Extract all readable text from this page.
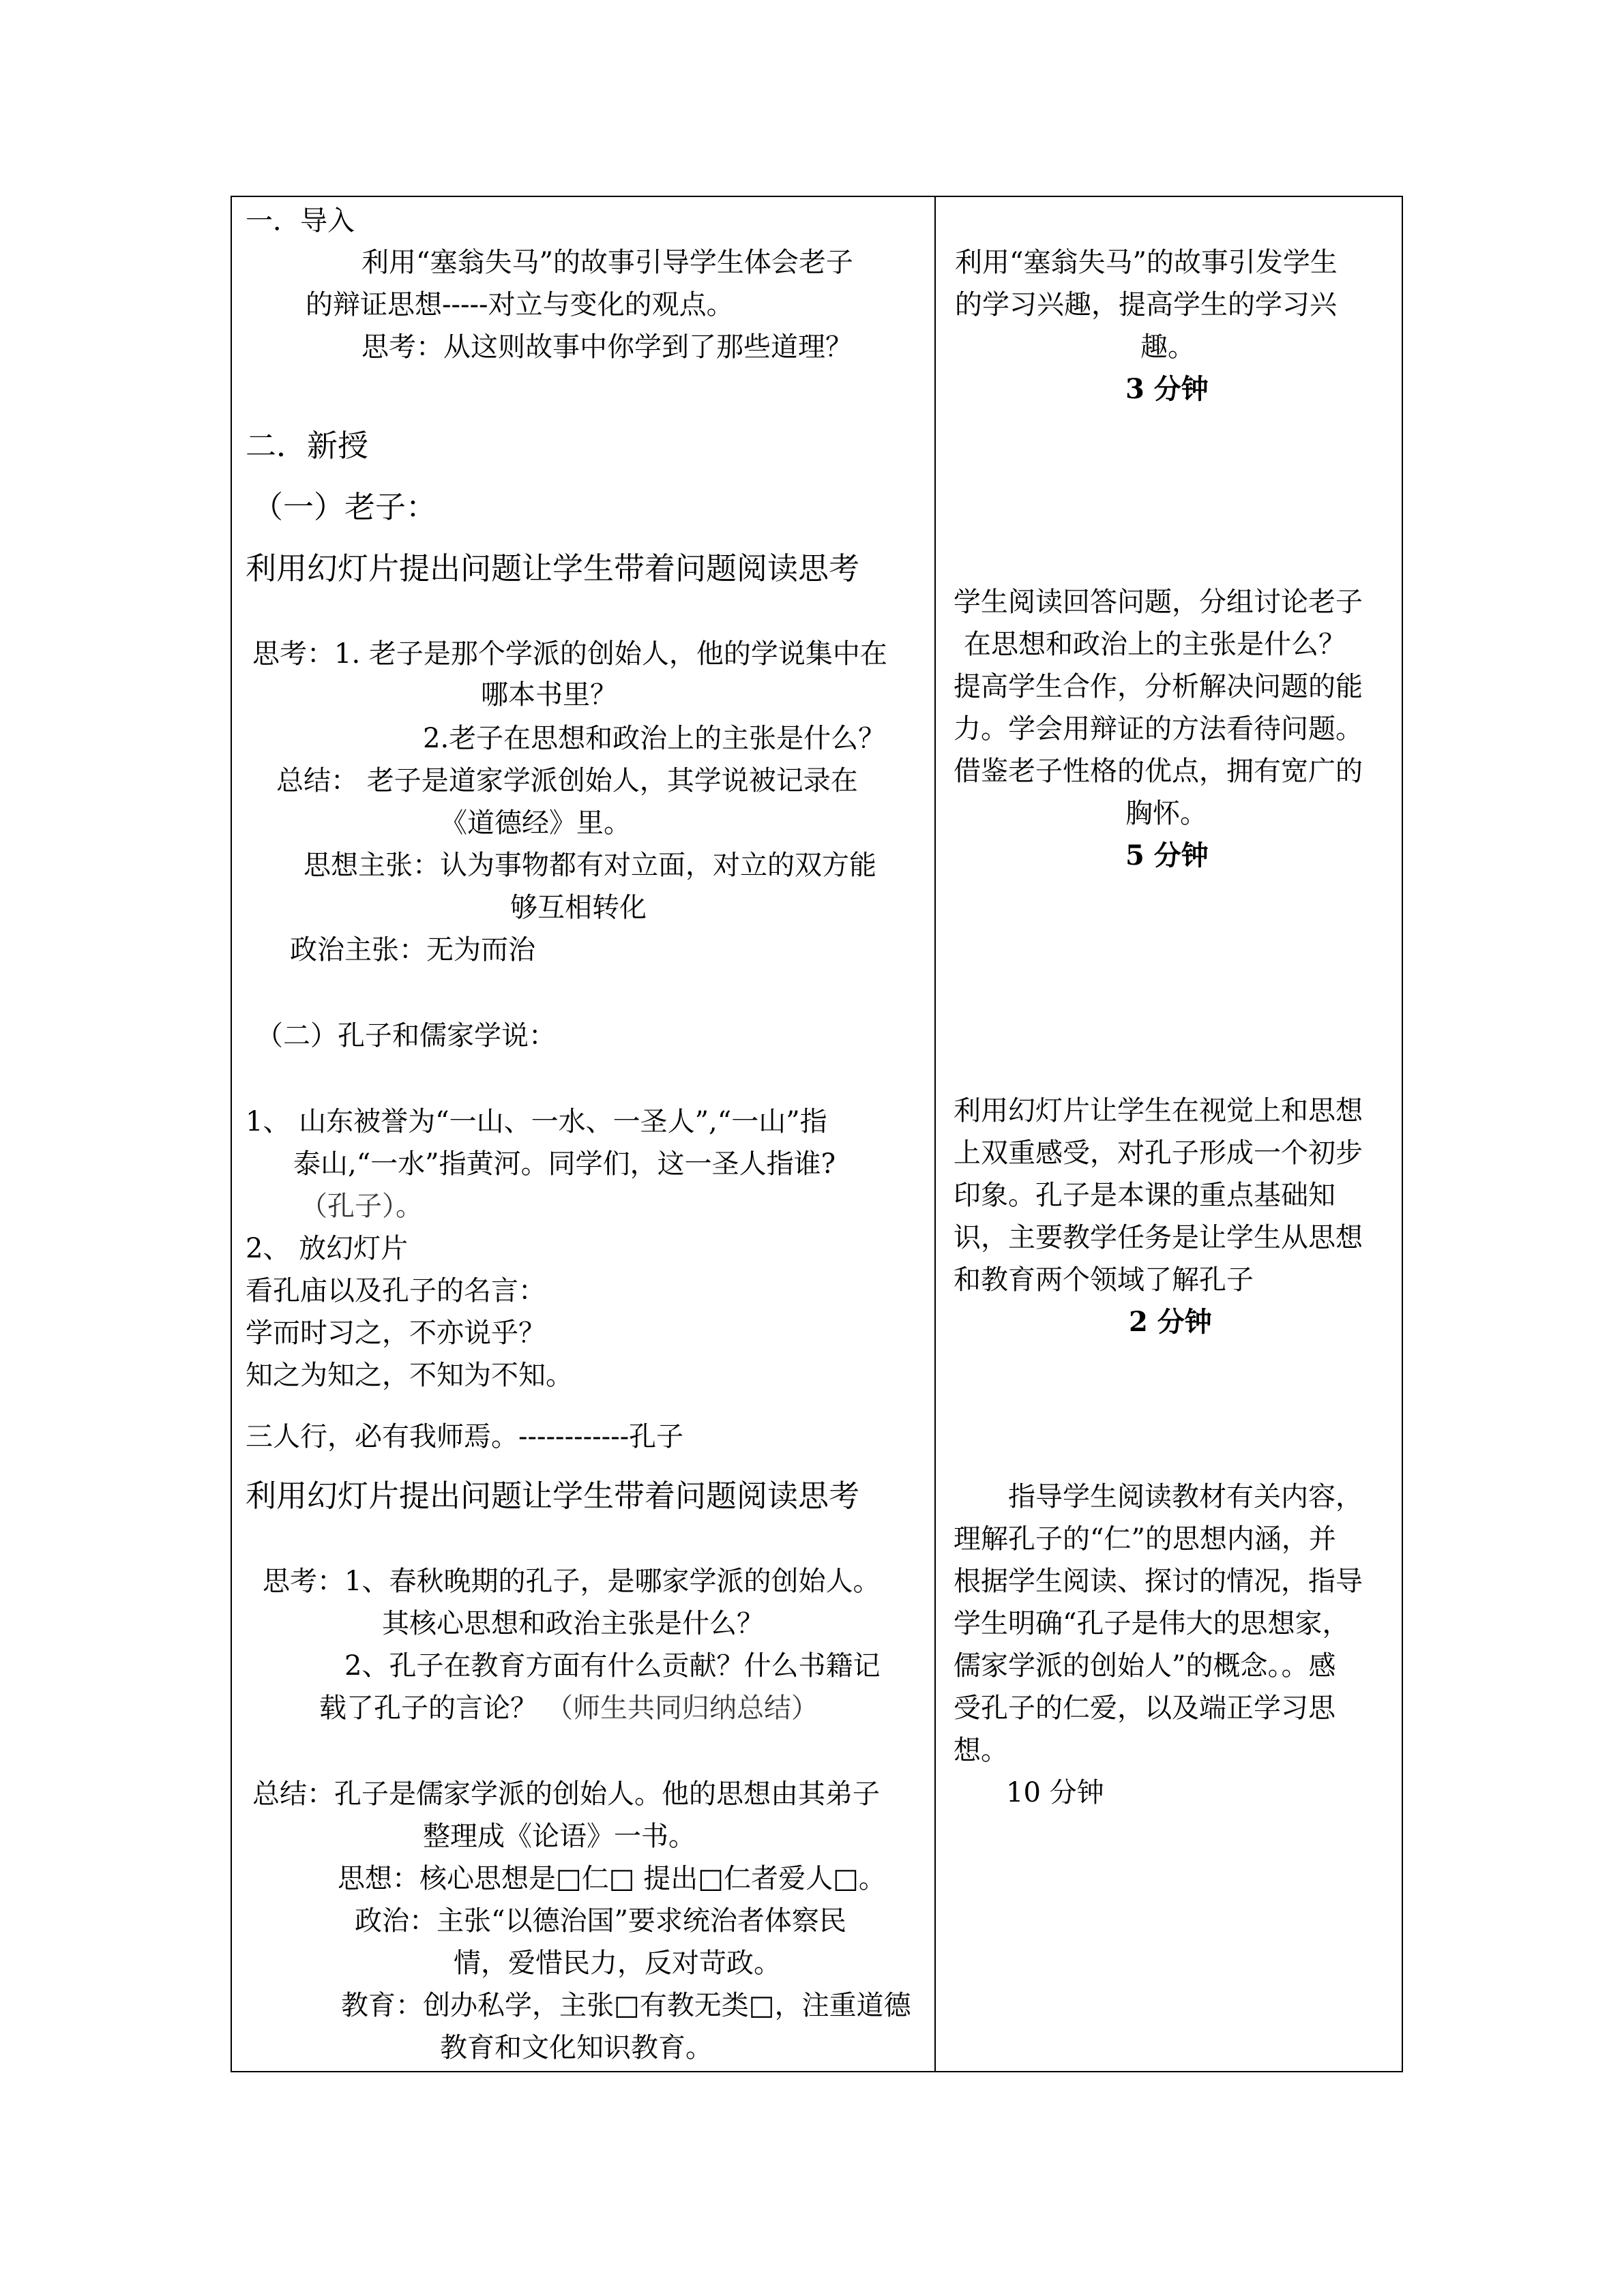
一．导入
利用“塞翁失马”的故事引导学生体会老子
的辩证思想-----对立与变化的观点。
思考：从这则故事中你学到了那些道理？
二．新授
（一）老子：
利用幻灯片提出问题让学生带着问题阅读思考
思考：1. 老子是那个学派的创始人，他的学说集中在
哪本书里？
2.老子在思想和政治上的主张是什么？
总结： 老子是道家学派创始人，其学说被记录在
《道德经》里。
思想主张：认为事物都有对立面，对立的双方能
够互相转化
政治主张：无为而治
（二）孔子和儒家学说：
1、 山东被誉为“一山、一水、一圣人”,“一山”指
泰山,“一水”指黄河。同学们，这一圣人指谁?
（孔子）。
2、 放幻灯片
看孔庙以及孔子的名言：
学而时习之，不亦说乎？
知之为知之，不知为不知。
三人行，必有我师焉。------------孔子
利用幻灯片提出问题让学生带着问题阅读思考
思考：1、春秋晚期的孔子，是哪家学派的创始人。
其核心思想和政治主张是什么？
2、孔子在教育方面有什么贡献？什么书籍记
载了孔子的言论？ （师生共同归纳总结）
总结：孔子是儒家学派的创始人。他的思想由其弟子
整理成《论语》一书。
思想：核心思想是□仁□ 提出□仁者爱人□。
政治：主张“以德治国”要求统治者体察民
情，爱惜民力，反对苛政。
教育：创办私学，主张□有教无类□，注重道德
教育和文化知识教育。
利用“塞翁失马”的故事引发学生
的学习兴趣，提高学生的学习兴
趣。
3 分钟
学生阅读回答问题，分组讨论老子
在思想和政治上的主张是什么？
提高学生合作，分析解决问题的能
力。学会用辩证的方法看待问题。
借鉴老子性格的优点，拥有宽广的
胸怀。
5 分钟
利用幻灯片让学生在视觉上和思想
上双重感受，对孔子形成一个初步
印象。孔子是本课的重点基础知
识，主要教学任务是让学生从思想
和教育两个领域了解孔子
2 分钟
指导学生阅读教材有关内容，
理解孔子的“仁”的思想内涵，并
根据学生阅读、探讨的情况，指导
学生明确“孔子是伟大的思想家，
儒家学派的创始人”的概念。。感
受孔子的仁爱，以及端正学习思
想。
10 分钟
